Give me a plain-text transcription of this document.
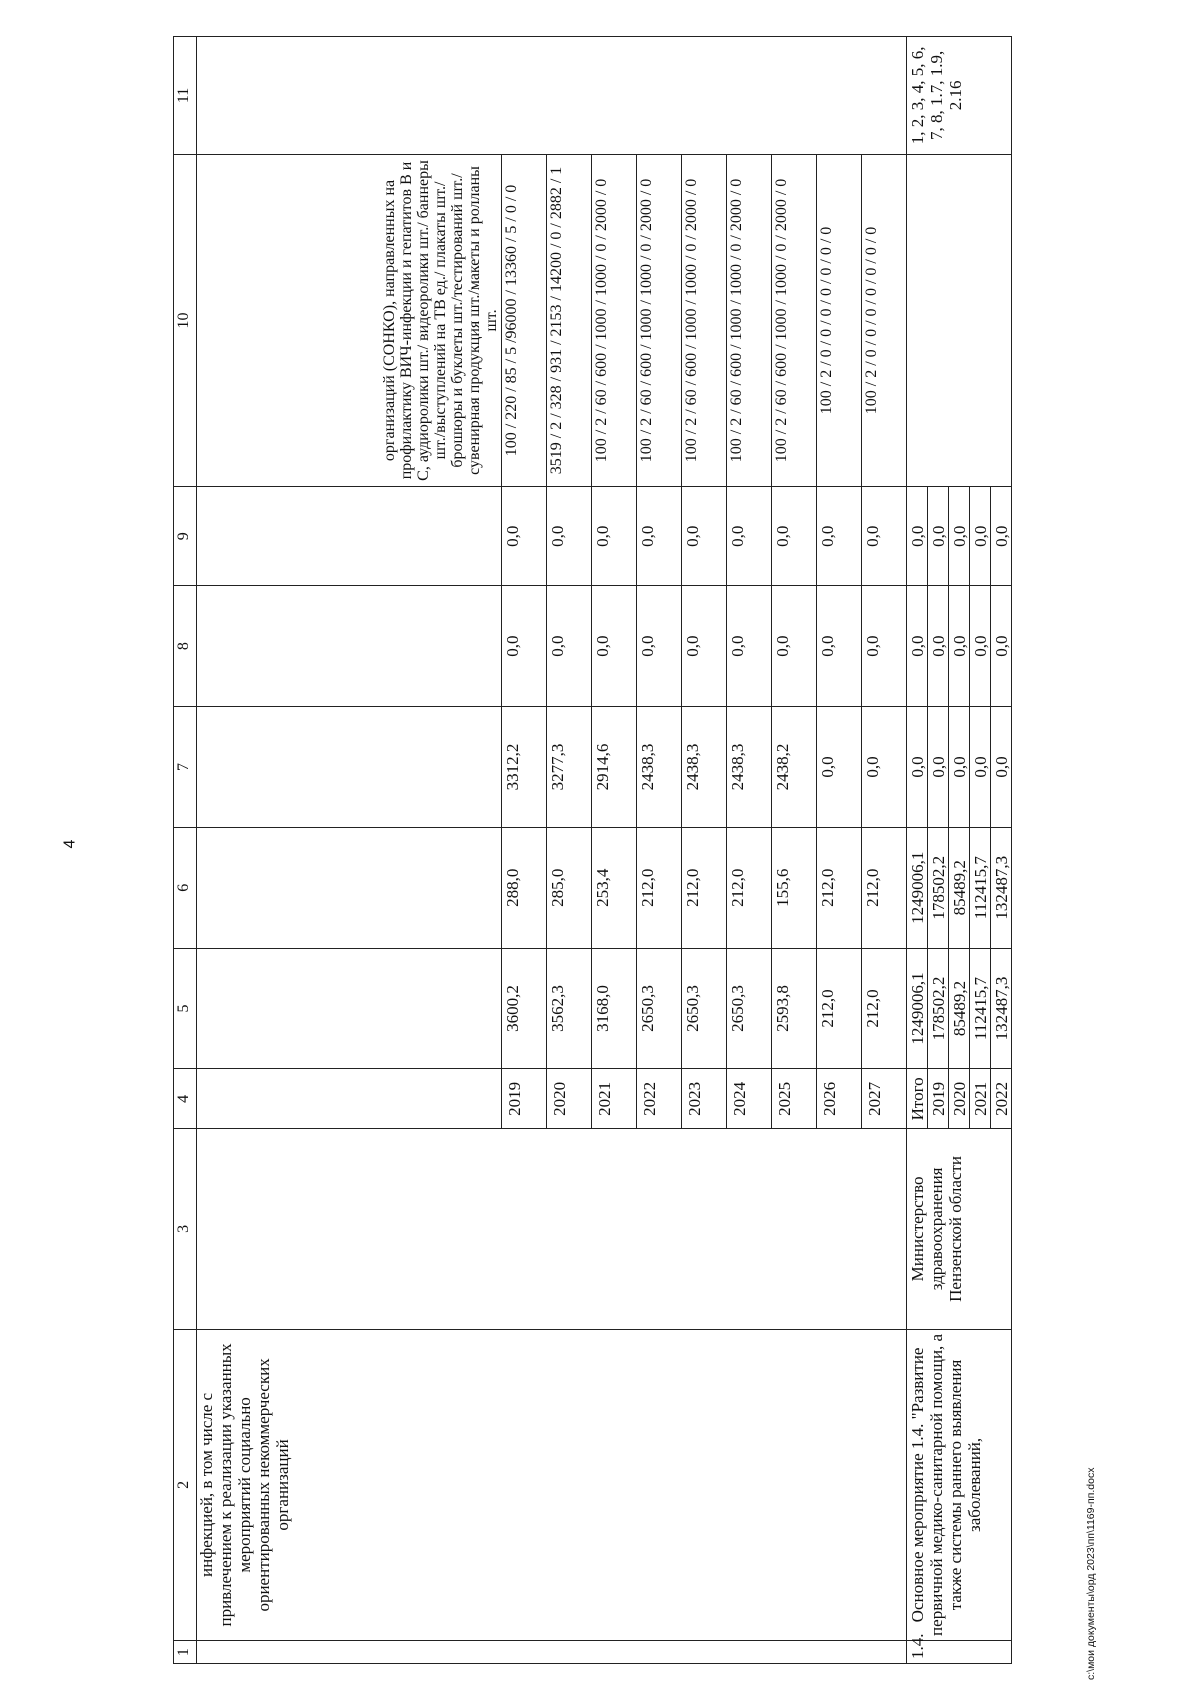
4
1	2	3	4	5	6	7	8	9	10	11
	инфекцией, в том числе с привлечением к реализации указанных мероприятий социально ориентированных некоммерческих организаций								организаций (СОНКО), направленных на профилактику ВИЧ-инфекции и гепатитов В и С, аудиоролики шт./ видеоролики шт./ баннеры шт./выступлений на ТВ ед./ плакаты шт./брошюры и буклеты шт./тестирований шт./ сувенирная продукция шт./макеты и ролланы шт.	
			2019	3600,2	288,0	3312,2	0,0	0,0	100 / 220 / 85 / 5 /96000 / 13360 / 5 / 0 / 0	
			2020	3562,3	285,0	3277,3	0,0	0,0	3519 / 2 / 328 / 931 / 2153 / 14200 / 0 / 2882 / 1	
			2021	3168,0	253,4	2914,6	0,0	0,0	100 / 2 / 60 / 600 / 1000 / 1000 / 0 / 2000 / 0	
			2022	2650,3	212,0	2438,3	0,0	0,0	100 / 2 / 60 / 600 / 1000 / 1000 / 0 / 2000 / 0	
			2023	2650,3	212,0	2438,3	0,0	0,0	100 / 2 / 60 / 600 / 1000 / 1000 / 0 / 2000 / 0	
			2024	2650,3	212,0	2438,3	0,0	0,0	100 / 2 / 60 / 600 / 1000 / 1000 / 0 / 2000 / 0	
			2025	2593,8	155,6	2438,2	0,0	0,0	100 / 2 / 60 / 600 / 1000 / 1000 / 0 / 2000 / 0	
			2026	212,0	212,0	0,0	0,0	0,0	100 / 2 / 0 / 0 / 0 / 0 / 0 / 0 / 0	
			2027	212,0	212,0	0,0	0,0	0,0	100 / 2 / 0 / 0 / 0 / 0 / 0 / 0 / 0	
1.4.	Основное мероприятие 1.4. "Развитие первичной медико-санитарной помощи, а также системы раннего выявления заболеваний,	Министерство здравоохранения Пензенской области	Итого	1249006,1	1249006,1	0,0	0,0	0,0		1, 2, 3, 4, 5, 6, 7, 8, 1.7, 1.9, 2.16
			2019	178502,2	178502,2	0,0	0,0	0,0		
			2020	85489,2	85489,2	0,0	0,0	0,0		
			2021	112415,7	112415,7	0,0	0,0	0,0		
			2022	132487,3	132487,3	0,0	0,0	0,0		
c:\мои документы\орд 2023\пп\1169-пп.docx
